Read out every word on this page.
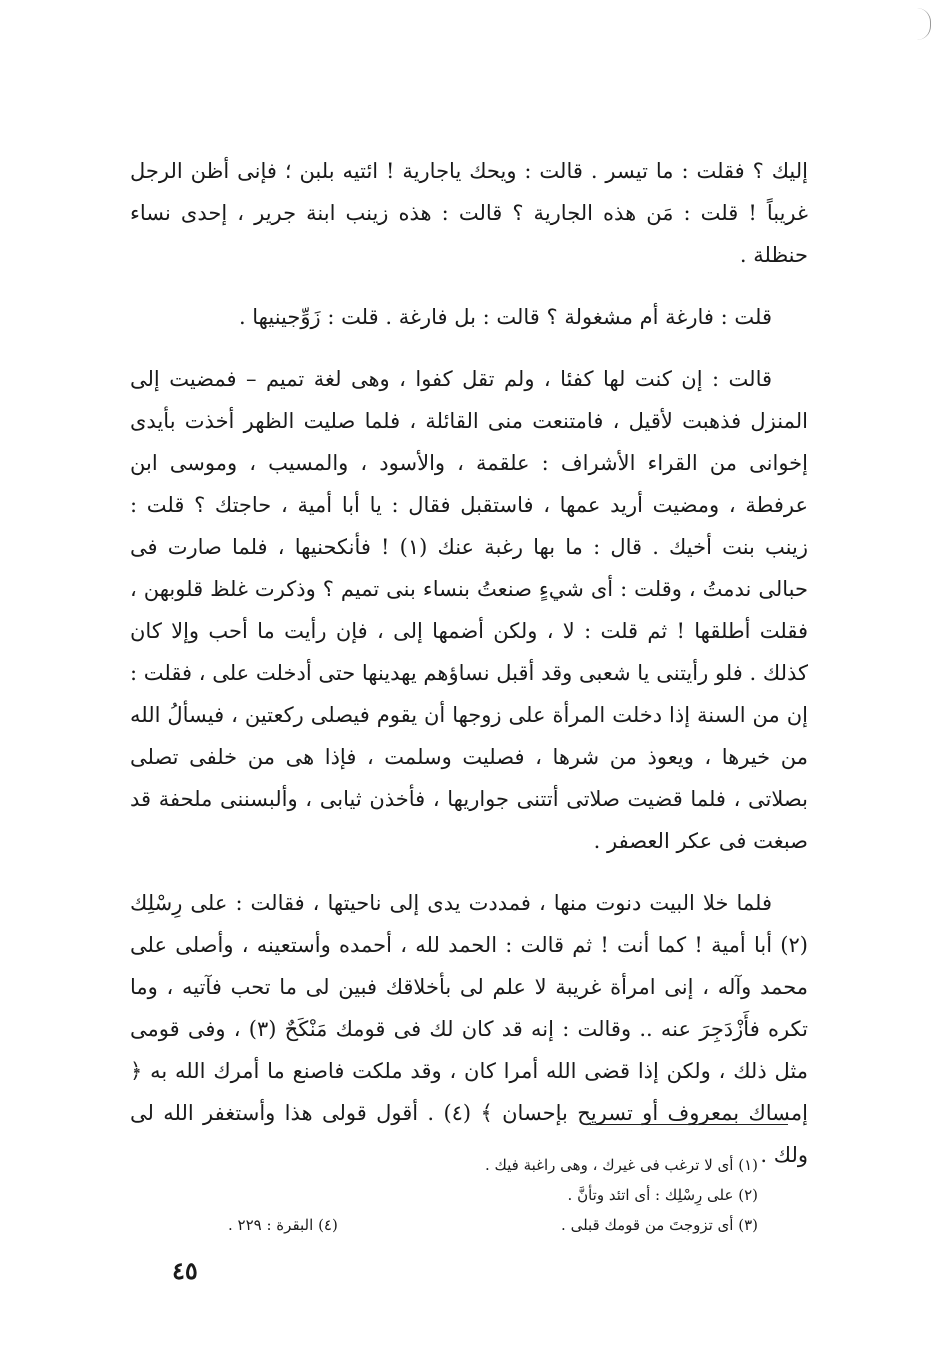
إليك ؟ فقلت : ما تيسر . قالت : ويحك ياجارية ! ائتيه بلبن ؛ فإنى أظن الرجل غريباً ! قلت : مَن هذه الجارية ؟ قالت : هذه زينب ابنة جرير ، إحدى نساء حنظلة .

قلت : فارغة أم مشغولة ؟ قالت : بل فارغة . قلت : زَوِّجينيها .

قالت : إن كنت لها كفئا ، ولم تقل كفوا ، وهى لغة تميم – فمضيت إلى المنزل فذهبت لأقيل ، فامتنعت منى القائلة ، فلما صليت الظهر أخذت بأيدى إخوانى من القراء الأشراف : علقمة ، والأسود ، والمسيب ، وموسى ابن عرفطة ، ومضيت أريد عمها ، فاستقبل فقال : يا أبا أمية ، حاجتك ؟ قلت : زينب بنت أخيك . قال : ما بها رغبة عنك (١) ! فأنكحنيها ، فلما صارت فى حبالى ندمتُ ، وقلت : أى شيءٍ صنعتُ بنساء بنى تميم ؟ وذكرت غلظ قلوبهن ، فقلت أطلقها ! ثم قلت : لا ، ولكن أضمها إلى ، فإن رأيت ما أحب وإلا كان كذلك . فلو رأيتنى يا شعبى وقد أقبل نساؤهم يهدينها حتى أدخلت على ، فقلت : إن من السنة إذا دخلت المرأة على زوجها أن يقوم فيصلى ركعتين ، فيسألُ الله من خيرها ، ويعوذ من شرها ، فصليت وسلمت ، فإذا هى من خلفى تصلى بصلاتى ، فلما قضيت صلاتى أتتنى جواريها ، فأخذن ثيابى ، وألبسننى ملحفة قد صبغت فى عكر العصفر .

فلما خلا البيت دنوت منها ، فمددت يدى إلى ناحيتها ، فقالت : على رِسْلِك (٢) أبا أمية ! كما أنت ! ثم قالت : الحمد لله ، أحمده وأستعينه ، وأصلى على محمد وآله ، إنى امرأة غريبة لا علم لى بأخلاقك فبين لى ما تحب فآتيه ، وما تكره فأَزْدَجِرَ عنه .. وقالت : إنه قد كان لك فى قومك مَنْكَحٌ (٣) ، وفى قومى مثل ذلك ، ولكن إذا قضى الله أمرا كان ، وقد ملكت فاصنع ما أمرك الله به ﴿ إمساك بمعروف أو تسريح بإحسان ﴾ (٤) . أقول قولى هذا وأستغفر الله لى ولك .

(١) أى لا ترغب فى غيرك ، وهى راغبة فيك .
(٢) على رِسْلِك : أى اتئد وتأنَّ .
(٣) أى تزوجتَ من قومك قبلى .
(٤) البقرة : ٢٢٩ .
٤٥
